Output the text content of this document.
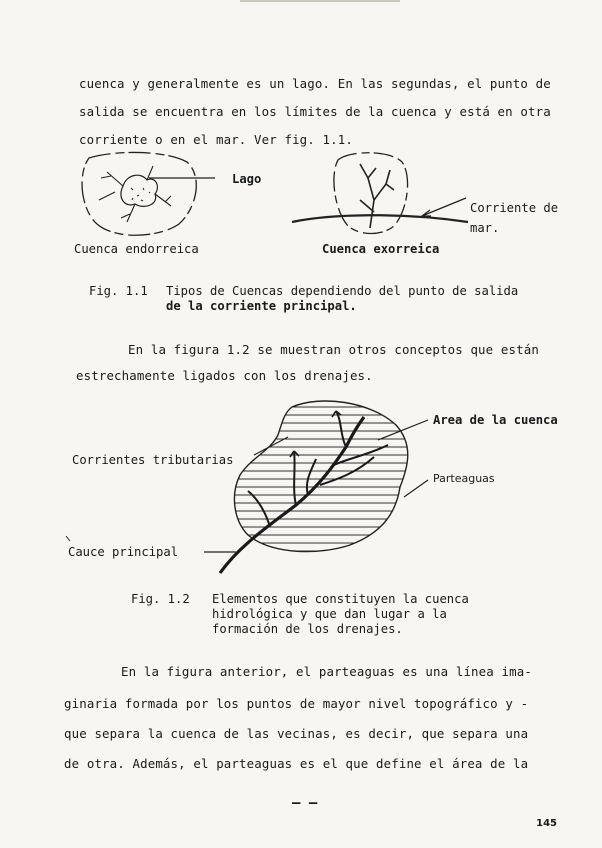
cuenca y generalmente es un lago. En las segundas, el punto de
salida se encuentra en los límites de la cuenca y está en otra
corriente o en el mar. Ver fig. 1.1.
Lago
Cuenca endorreica
Corriente de
mar.
Cuenca exorreica
Fig. 1.1 Tipos de Cuencas dependiendo del punto de salida
de la corriente principal.
En la figura 1.2 se muestran otros conceptos que están
estrechamente ligados con los drenajes.
Area de la cuenca
Corrientes tributarias
Parteaguas
Cauce principal
Fig. 1.2 Elementos que constituyen la cuenca
hidrológica y que dan lugar a la
formación de los drenajes.
En la figura anterior, el parteaguas es una línea ima-
ginaria formada por los puntos de mayor nivel topográfico y -
que separa la cuenca de las vecinas, es decir, que separa una
de otra. Además, el parteaguas es el que define el área de la
– –
145
